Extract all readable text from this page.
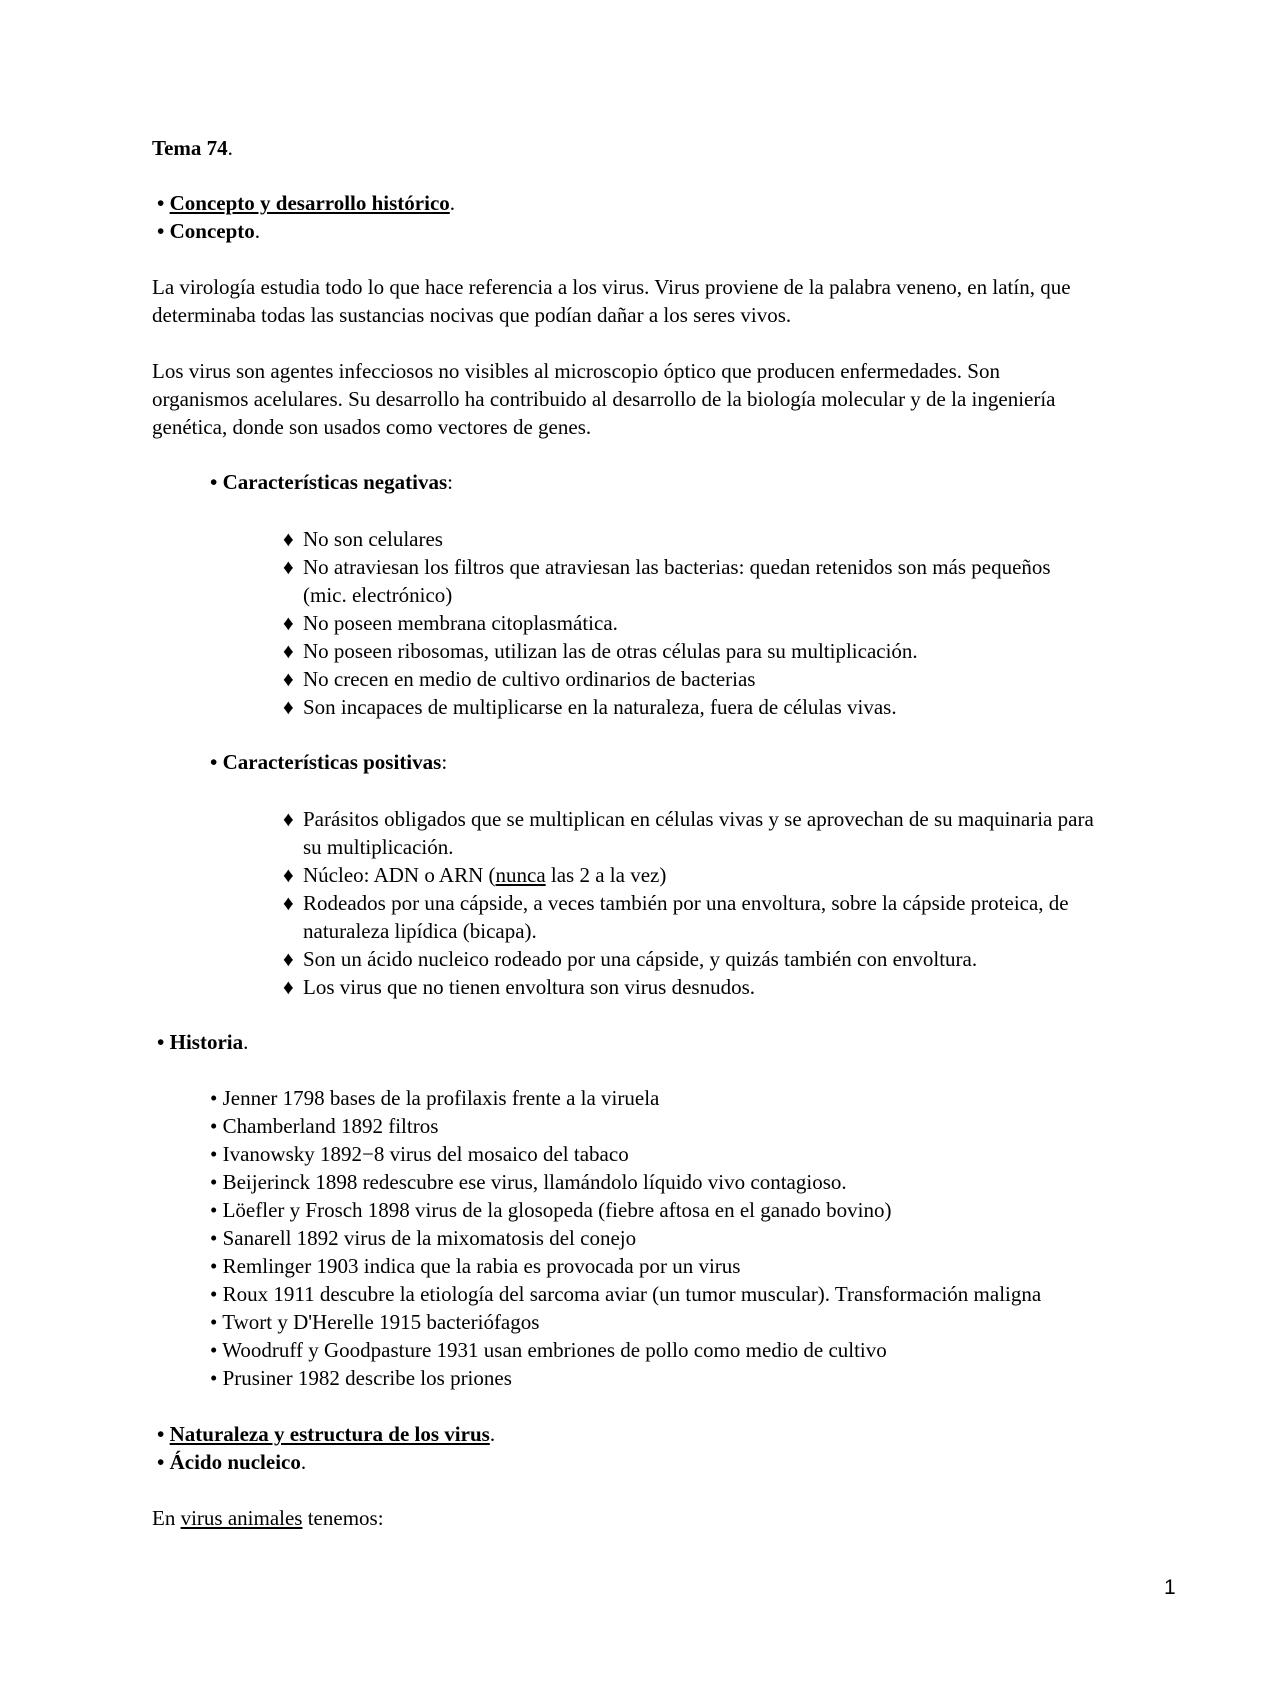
Tema 74.
• Concepto y desarrollo histórico.
• Concepto.
La virología estudia todo lo que hace referencia a los virus. Virus proviene de la palabra veneno, en latín, que
determinaba todas las sustancias nocivas que podían dañar a los seres vivos.
Los virus son agentes infecciosos no visibles al microscopio óptico que producen enfermedades. Son
organismos acelulares. Su desarrollo ha contribuido al desarrollo de la biología molecular y de la ingeniería
genética, donde son usados como vectores de genes.
• Características negativas:
♦ No son celulares
♦ No atraviesan los filtros que atraviesan las bacterias: quedan retenidos son más pequeños
(mic. electrónico)
♦ No poseen membrana citoplasmática.
♦ No poseen ribosomas, utilizan las de otras células para su multiplicación.
♦ No crecen en medio de cultivo ordinarios de bacterias
♦ Son incapaces de multiplicarse en la naturaleza, fuera de células vivas.
• Características positivas:
♦ Parásitos obligados que se multiplican en células vivas y se aprovechan de su maquinaria para
su multiplicación.
♦ Núcleo: ADN o ARN (nunca las 2 a la vez)
♦ Rodeados por una cápside, a veces también por una envoltura, sobre la cápside proteica, de
naturaleza lipídica (bicapa).
♦ Son un ácido nucleico rodeado por una cápside, y quizás también con envoltura.
♦ Los virus que no tienen envoltura son virus desnudos.
• Historia.
• Jenner 1798 bases de la profilaxis frente a la viruela
• Chamberland 1892 filtros
• Ivanowsky 1892−8 virus del mosaico del tabaco
• Beijerinck 1898 redescubre ese virus, llamándolo líquido vivo contagioso.
• Löefler y Frosch 1898 virus de la glosopeda (fiebre aftosa en el ganado bovino)
• Sanarell 1892 virus de la mixomatosis del conejo
• Remlinger 1903 indica que la rabia es provocada por un virus
• Roux 1911 descubre la etiología del sarcoma aviar (un tumor muscular). Transformación maligna
• Twort y D'Herelle 1915 bacteriófagos
• Woodruff y Goodpasture 1931 usan embriones de pollo como medio de cultivo
• Prusiner 1982 describe los priones
• Naturaleza y estructura de los virus.
• Ácido nucleico.
En virus animales tenemos:
1
